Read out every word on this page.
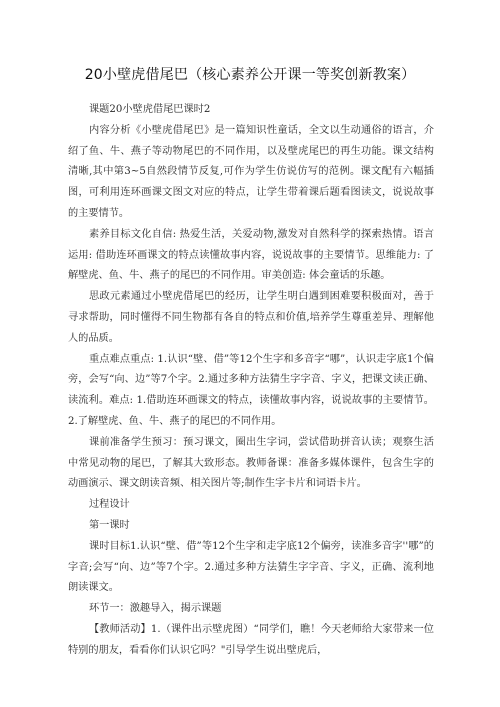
20小壁虎借尾巴（核心素养公开课一等奖创新教案）

课题20小壁虎借尾巴课时2

内容分析《小壁虎借尾巴》是一篇知识性童话，全文以生动通俗的语言，介绍了鱼、牛、燕子等动物尾巴的不同作用，以及壁虎尾巴的再生功能。课文结构清晰,其中第3~5自然段情节反复,可作为学生仿说仿写的范例。课文配有六幅插图，可利用连环画课文图文对应的特点，让学生带着课后题看图读文，说说故事的主要情节。

素养目标文化自信: 热爱生活，关爱动物,激发对自然科学的探索热情。语言运用: 借助连环画课文的特点读懂故事内容，说说故事的主要情节。思维能力: 了解壁虎、鱼、牛、燕子的尾巴的不同作用。审美创造: 体会童话的乐趣。

思政元素通过小壁虎借尾巴的经历，让学生明白遇到困难要积极面对，善于寻求帮助，同时懂得不同生物都有各自的特点和价值,培养学生尊重差异、理解他人的品质。

重点难点重点: 1.认识“壁、借”等12个生字和多音字“哪”，认识走字底1个偏旁，会写“向、边”等7个字。2.通过多种方法猜生字字音、字义，把课文读正确、读流利。难点: 1.借助连环画课文的特点，读懂故事内容，说说故事的主要情节。2.了解壁虎、鱼、牛、燕子的尾巴的不同作用。

课前准备学生预习：预习课文，圈出生字词，尝试借助拼音认读；观察生活中常见动物的尾巴，了解其大致形态。教师备课：准备多媒体课件，包含生字的动画演示、课文朗读音频、相关图片等;制作生字卡片和词语卡片。

过程设计

第一课时

课时目标1.认识“壁、借”等12个生字和走字底12个偏旁，读准多音字''哪”的字音;会写“向、边”等7个字。2.通过多种方法猜生字字音、字义，正确、流利地朗读课文。

环节一：激趣导入，揭示课题

【教师活动】1.（课件出示壁虎图）“同学们，瞧！今天老师给大家带来一位特别的朋友，看看你们认识它吗？"引导学生说出壁虎后，
